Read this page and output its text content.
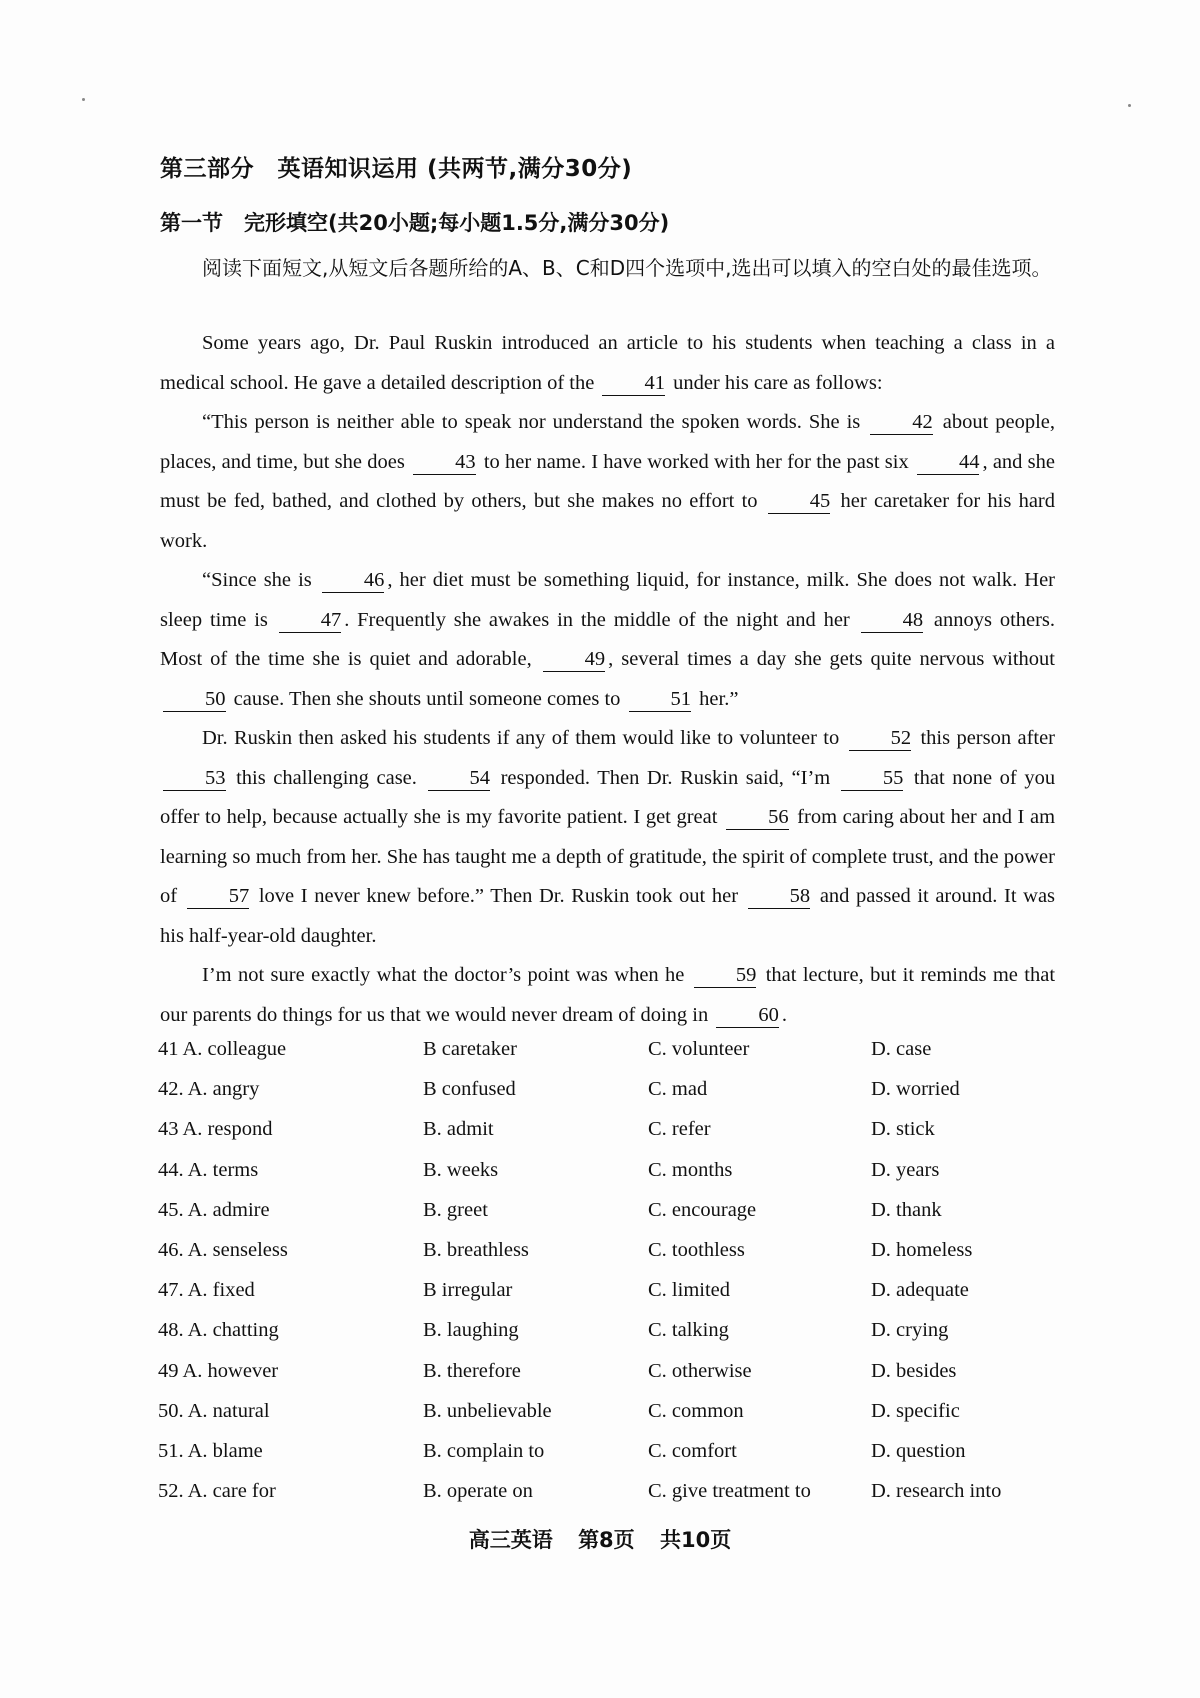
第三部分　英语知识运用 (共两节,满分30分)
第一节　完形填空(共20小题;每小题1.5分,满分30分)
阅读下面短文,从短文后各题所给的A、B、C和D四个选项中,选出可以填入的空白处的最佳选项。

Some years ago, Dr. Paul Ruskin introduced an article to his students when teaching a class in a medical school. He gave a detailed description of the 41 under his care as follows:

“This person is neither able to speak nor understand the spoken words. She is	42 about people, places, and time, but she does 43 to her name. I have worked with her for the past six 44 , and she must be fed, bathed, and clothed by others, but she makes no effort to	45 her caretaker for his hard work.

“Since she is	46 , her diet must be something liquid, for instance, milk. She does not walk. Her sleep time is	47 . Frequently she awakes in the middle of the night and her	48 annoys others. Most of the time she is quiet and adorable,	49 , several times a day she gets quite nervous without 50 cause. Then she shouts until someone comes to 51 her.”

Dr. Ruskin then asked his students if any of them would like to volunteer to	52 this person after 53 this challenging case.	54 responded. Then Dr. Ruskin said, “I’m	55 that none of you offer to help, because actually she is my favorite patient. I get great 56 from caring about her and I am learning so much from her. She has taught me a depth of gratitude, the spirit of complete trust, and the power of	57 love I never knew before.” Then Dr. Ruskin took out her	58 and passed it around. It was his half-year-old daughter.

I’m not sure exactly what the doctor’s point was when he	59 that lecture, but it reminds me that our parents do things for us that we would never dream of doing in 60 .

41 A. colleague	B caretaker	C. volunteer	D. case
42. A. angry	B confused	C. mad	D. worried
43 A. respond	B. admit	C. refer	D. stick
44. A. terms	B. weeks	C. months	D. years
45. A. admire	B. greet	C. encourage	D. thank
46. A. senseless	B. breathless	C. toothless	D. homeless
47. A. fixed	B irregular	C. limited	D. adequate
48. A. chatting	B. laughing	C. talking	D. crying
49 A. however	B. therefore	C. otherwise	D. besides
50. A. natural	B. unbelievable	C. common	D. specific
51. A. blame	B. complain to	C. comfort	D. question
52. A. care for	B. operate on	C. give treatment to	D. research into
高三英语 第8页 共10页
